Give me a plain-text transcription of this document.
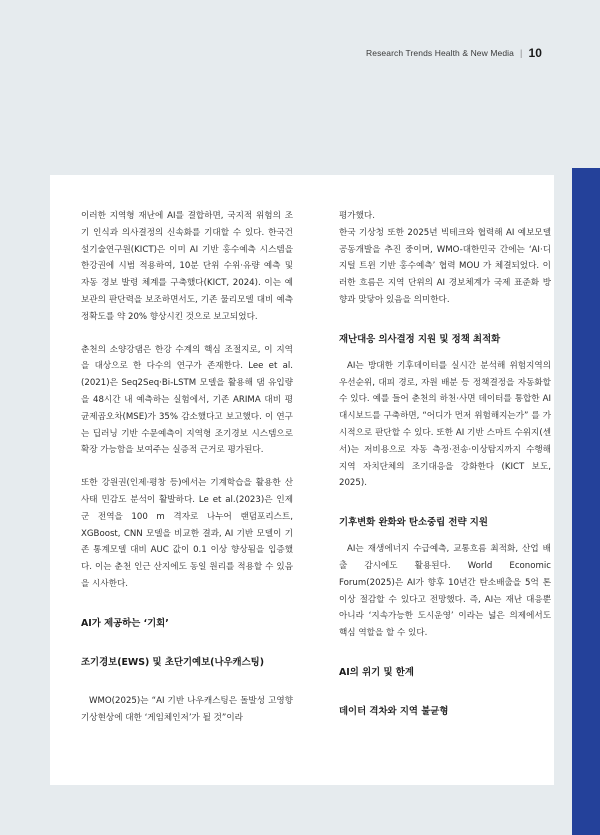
Research Trends Health & New Media | 10

이러한 지역형 재난에 AI를 결합하면, 국지적 위험의 조기 인식과 의사결정의 신속화를 기대할 수 있다. 한국건설기술연구원(KICT)은 이미 AI 기반 홍수예측 시스템을 한강권에 시범 적용하여, 10분 단위 수위·유량 예측 및 자동 경보 발령 체계를 구축했다(KICT, 2024). 이는 예보관의 판단력을 보조하면서도, 기존 물리모델 대비 예측 정확도를 약 20% 향상시킨 것으로 보고되었다.

춘천의 소양강댐은 한강 수계의 핵심 조절지로, 이 지역을 대상으로 한 다수의 연구가 존재한다. Lee et al.(2021)은 Seq2Seq·Bi-LSTM 모델을 활용해 댐 유입량을 48시간 내 예측하는 실험에서, 기존 ARIMA 대비 평균제곱오차(MSE)가 35% 감소했다고 보고했다. 이 연구는 딥러닝 기반 수문예측이 지역형 조기경보 시스템으로 확장 가능함을 보여주는 실증적 근거로 평가된다.

또한 강원권(인제·평창 등)에서는 기계학습을 활용한 산사태 민감도 분석이 활발하다. Le et al.(2023)은 인제군 전역을 100 m 격자로 나누어 랜덤포리스트, XGBoost, CNN 모델을 비교한 결과, AI 기반 모델이 기존 통계모델 대비 AUC 값이 0.1 이상 향상됨을 입증했다. 이는 춘천 인근 산지에도 동일 원리를 적용할 수 있음을 시사한다.

AI가 제공하는 ‘기회’
조기경보(EWS) 및 초단기예보(나우캐스팅)

WMO(2025)는 “AI 기반 나우캐스팅은 돌발성 고영향 기상현상에 대한 ‘게임체인저’가 될 것”이라

평가했다.
한국 기상청 또한 2025년 빅테크와 협력해 AI 예보모델 공동개발을 추진 중이며, WMO-대한민국 간에는 ‘AI·디지털 트윈 기반 홍수예측’ 협력 MOU 가 체결되었다. 이러한 흐름은 지역 단위의 AI 경보체계가 국제 표준화 방향과 맞닿아 있음을 의미한다.

재난대응 의사결정 지원 및 정책 최적화

AI는 방대한 기후데이터를 실시간 분석해 위험지역의 우선순위, 대피 경로, 자원 배분 등 정책결정을 자동화할 수 있다. 예를 들어 춘천의 하천·사면 데이터를 통합한 AI 대시보드를 구축하면, “어디가 먼저 위험해지는가” 를 가시적으로 판단할 수 있다. 또한 AI 기반 스마트 수위지(센서)는 저비용으로 자동 측정·전송·이상탐지까지 수행해 지역 자치단체의 조기대응을 강화한다 (KICT 보도, 2025).

기후변화 완화와 탄소중립 전략 지원

AI는 재생에너지 수급예측, 교통흐름 최적화, 산업 배출 감시에도 활용된다. World Economic Forum(2025)은 AI가 향후 10년간 탄소배출을 5억 톤 이상 절감할 수 있다고 전망했다. 즉, AI는 재난 대응뿐 아니라 ‘지속가능한 도시운영’ 이라는 넓은 의제에서도 핵심 역할을 할 수 있다.

AI의 위기 및 한계
데이터 격차와 지역 불균형
